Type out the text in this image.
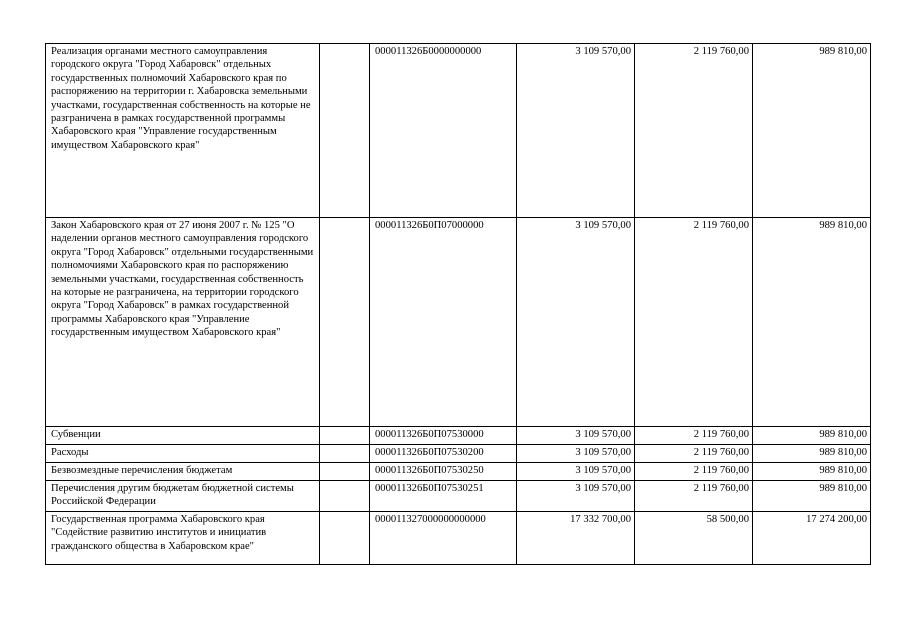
Реализация органами местного самоуправления городского округа "Город Хабаровск" отдельных государственных полномочий Хабаровского края по распоряжению на территории г. Хабаровска земельными участками, государственная собственность на которые не разграничена в рамках государственной программы Хабаровского края "Управление государственным имуществом Хабаровского края"		000011326Б0000000000	3 109 570,00	2 119 760,00	989 810,00
Закон Хабаровского края от 27 июня 2007 г. № 125 "О наделении органов местного самоуправления городского округа "Город Хабаровск" отдельными государственными полномочиями Хабаровского края по распоряжению земельными участками, государственная собственность на которые не разграничена, на территории городского округа "Город Хабаровск" в рамках государственной программы Хабаровского края "Управление государственным имуществом Хабаровского края"		000011326Б0П07000000	3 109 570,00	2 119 760,00	989 810,00
Субвенции		000011326Б0П07530000	3 109 570,00	2 119 760,00	989 810,00
Расходы		000011326Б0П07530200	3 109 570,00	2 119 760,00	989 810,00
Безвозмездные перечисления бюджетам		000011326Б0П07530250	3 109 570,00	2 119 760,00	989 810,00
Перечисления другим бюджетам бюджетной системы Российской Федерации		000011326Б0П07530251	3 109 570,00	2 119 760,00	989 810,00
Государственная программа Хабаровского края "Содействие развитию институтов и инициатив гражданского общества в Хабаровском крае"		000011327000000000000	17 332 700,00	58 500,00	17 274 200,00
